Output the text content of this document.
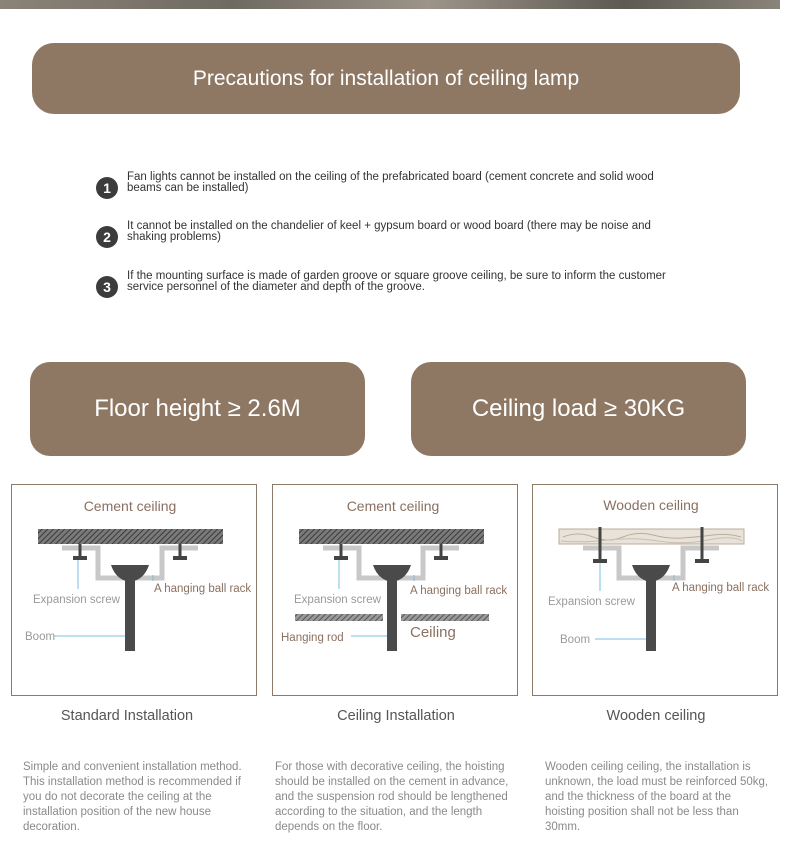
Precautions for installation of ceiling lamp
1
Fan lights cannot be installed on the ceiling of the prefabricated board (cement concrete and solid wood beams can be installed)
2
It cannot be installed on the chandelier of keel + gypsum board or wood board (there may be noise and shaking problems)
3
If the mounting surface is made of garden groove or square groove ceiling, be sure to inform the customer service personnel of the diameter and depth of the groove.
Floor height ≥ 2.6M	Ceiling load ≥ 30KG
Cement ceiling
Expansion screw
A hanging ball rack
Boom
Cement ceiling
Expansion screw
A hanging ball rack
Hanging rod	Ceiling
Wooden ceiling
Expansion screw
A hanging ball rack
Boom
Standard Installation	Ceiling Installation	Wooden ceiling
Simple and convenient installation method. This installation method is recommended if you do not decorate the ceiling at the installation position of the new house decoration.
For those with decorative ceiling, the hoisting should be installed on the cement in advance, and the suspension rod should be lengthened according to the situation, and the length depends on the floor.
Wooden ceiling ceiling, the installation is unknown, the load must be reinforced 50kg, and the thickness of the board at the hoisting position shall not be less than 30mm.
